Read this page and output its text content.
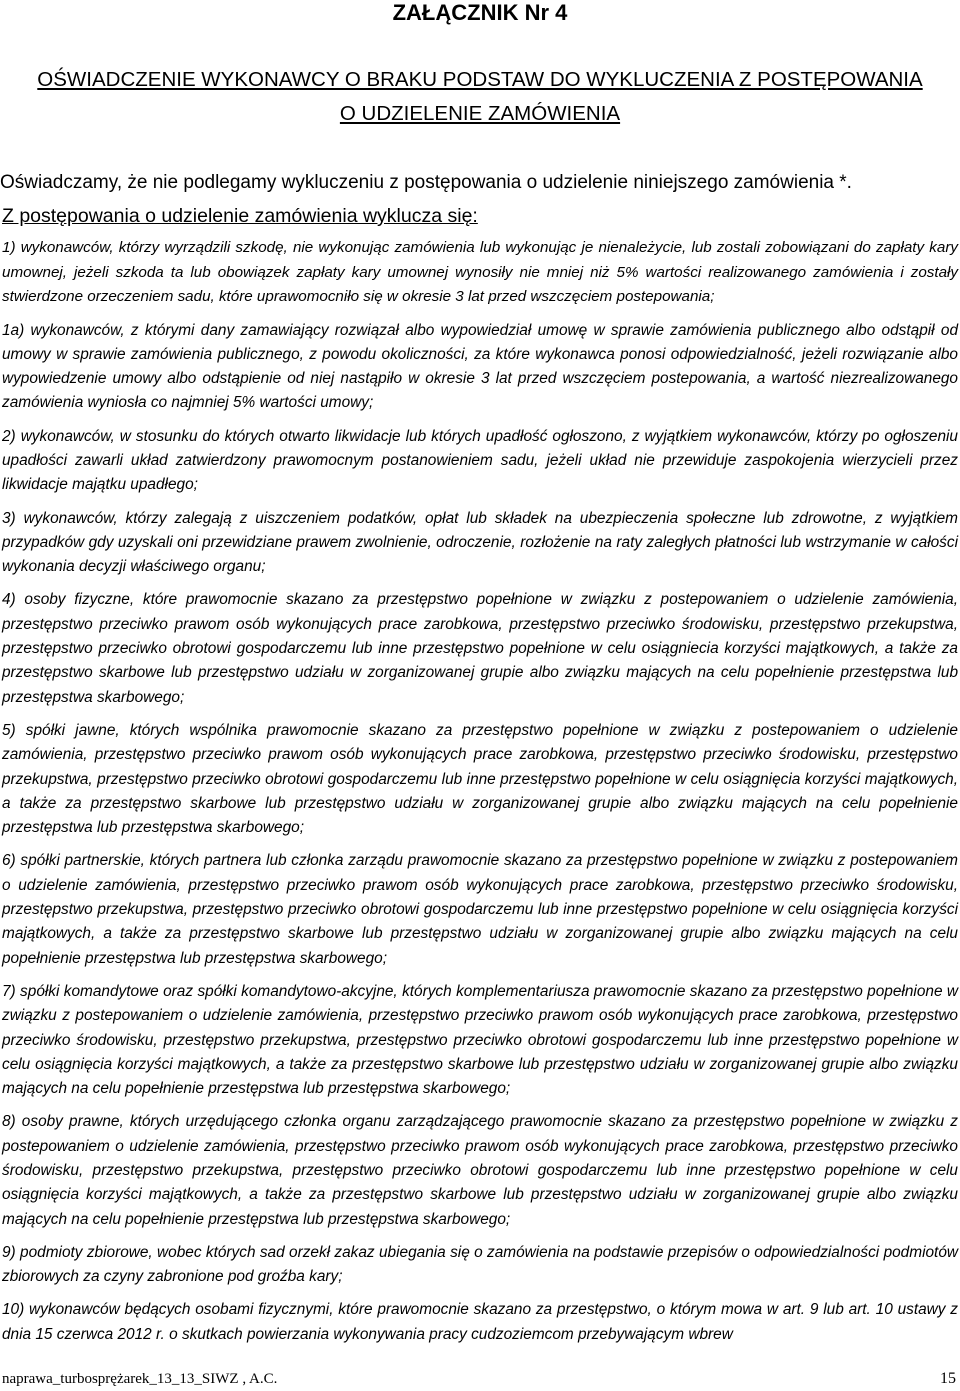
ZAŁĄCZNIK Nr 4
OŚWIADCZENIE WYKONAWCY O BRAKU PODSTAW DO WYKLUCZENIA Z POSTĘPOWANIA
O UDZIELENIE ZAMÓWIENIA
Oświadczamy, że nie podlegamy wykluczeniu z postępowania o udzielenie niniejszego zamówienia *.
Z postępowania o udzielenie zamówienia wyklucza się:

1) wykonawców, którzy wyrządzili szkodę, nie wykonując zamówienia lub wykonując je nienależycie, lub zostali zobowiązani do zapłaty kary umownej, jeżeli szkoda ta lub obowiązek zapłaty kary umownej wynosiły nie mniej niż 5% wartości realizowanego zamówienia i zostały stwierdzone orzeczeniem sadu, które uprawomocniło się w okresie 3 lat przed wszczęciem postepowania;

1a) wykonawców, z którymi dany zamawiający rozwiązał albo wypowiedział umowę w sprawie zamówienia publicznego albo odstąpił od umowy w sprawie zamówienia publicznego, z powodu okoliczności, za które wykonawca ponosi odpowiedzialność, jeżeli rozwiązanie albo wypowiedzenie umowy albo odstąpienie od niej nastąpiło w okresie 3 lat przed wszczęciem postepowania, a wartość niezrealizowanego zamówienia wyniosła co najmniej 5% wartości umowy;

2) wykonawców, w stosunku do których otwarto likwidacje lub których upadłość ogłoszono, z wyjątkiem wykonawców, którzy po ogłoszeniu upadłości zawarli układ zatwierdzony prawomocnym postanowieniem sadu, jeżeli układ nie przewiduje zaspokojenia wierzycieli przez likwidacje majątku upadłego;

3) wykonawców, którzy zalegają z uiszczeniem podatków, opłat lub składek na ubezpieczenia społeczne lub zdrowotne, z wyjątkiem przypadków gdy uzyskali oni przewidziane prawem zwolnienie, odroczenie, rozłożenie na raty zaległych płatności lub wstrzymanie w całości wykonania decyzji właściwego organu;

4) osoby fizyczne, które prawomocnie skazano za przestępstwo popełnione w związku z postepowaniem o udzielenie zamówienia, przestępstwo przeciwko prawom osób wykonujących prace zarobkowa, przestępstwo przeciwko środowisku, przestępstwo przekupstwa, przestępstwo przeciwko obrotowi gospodarczemu lub inne przestępstwo popełnione w celu osiągniecia korzyści majątkowych, a także za przestępstwo skarbowe lub przestępstwo udziału w zorganizowanej grupie albo związku mających na celu popełnienie przestępstwa lub przestępstwa skarbowego;

5) spółki jawne, których wspólnika prawomocnie skazano za przestępstwo popełnione w związku z postepowaniem o udzielenie zamówienia, przestępstwo przeciwko prawom osób wykonujących prace zarobkowa, przestępstwo przeciwko środowisku, przestępstwo przekupstwa, przestępstwo przeciwko obrotowi gospodarczemu lub inne przestępstwo popełnione w celu osiągnięcia korzyści majątkowych, a także za przestępstwo skarbowe lub przestępstwo udziału w zorganizowanej grupie albo związku mających na celu popełnienie przestępstwa lub przestępstwa skarbowego;

6) spółki partnerskie, których partnera lub członka zarządu prawomocnie skazano za przestępstwo popełnione w związku z postepowaniem o udzielenie zamówienia, przestępstwo przeciwko prawom osób wykonujących prace zarobkowa, przestępstwo przeciwko środowisku, przestępstwo przekupstwa, przestępstwo przeciwko obrotowi gospodarczemu lub inne przestępstwo popełnione w celu osiągnięcia korzyści majątkowych, a także za przestępstwo skarbowe lub przestępstwo udziału w zorganizowanej grupie albo związku mających na celu popełnienie przestępstwa lub przestępstwa skarbowego;

7) spółki komandytowe oraz spółki komandytowo-akcyjne, których komplementariusza prawomocnie skazano za przestępstwo popełnione w związku z postepowaniem o udzielenie zamówienia, przestępstwo przeciwko prawom osób wykonujących prace zarobkowa, przestępstwo przeciwko środowisku, przestępstwo przekupstwa, przestępstwo przeciwko obrotowi gospodarczemu lub inne przestępstwo popełnione w celu osiągnięcia korzyści majątkowych, a także za przestępstwo skarbowe lub przestępstwo udziału w zorganizowanej grupie albo związku mających na celu popełnienie przestępstwa lub przestępstwa skarbowego;

8) osoby prawne, których urzędującego członka organu zarządzającego prawomocnie skazano za przestępstwo popełnione w związku z postepowaniem o udzielenie zamówienia, przestępstwo przeciwko prawom osób wykonujących prace zarobkowa, przestępstwo przeciwko środowisku, przestępstwo przekupstwa, przestępstwo przeciwko obrotowi gospodarczemu lub inne przestępstwo popełnione w celu osiągnięcia korzyści majątkowych, a także za przestępstwo skarbowe lub przestępstwo udziału w zorganizowanej grupie albo związku mających na celu popełnienie przestępstwa lub przestępstwa skarbowego;

9) podmioty zbiorowe, wobec których sad orzekł zakaz ubiegania się o zamówienia na podstawie przepisów o odpowiedzialności podmiotów zbiorowych za czyny zabronione pod groźba kary;

10) wykonawców będących osobami fizycznymi, które prawomocnie skazano za przestępstwo, o którym mowa w art. 9 lub art. 10 ustawy z dnia 15 czerwca 2012 r. o skutkach powierzania wykonywania pracy cudzoziemcom przebywającym wbrew

naprawa_turbosprężarek_13_13_SIWZ , A.C.	15
